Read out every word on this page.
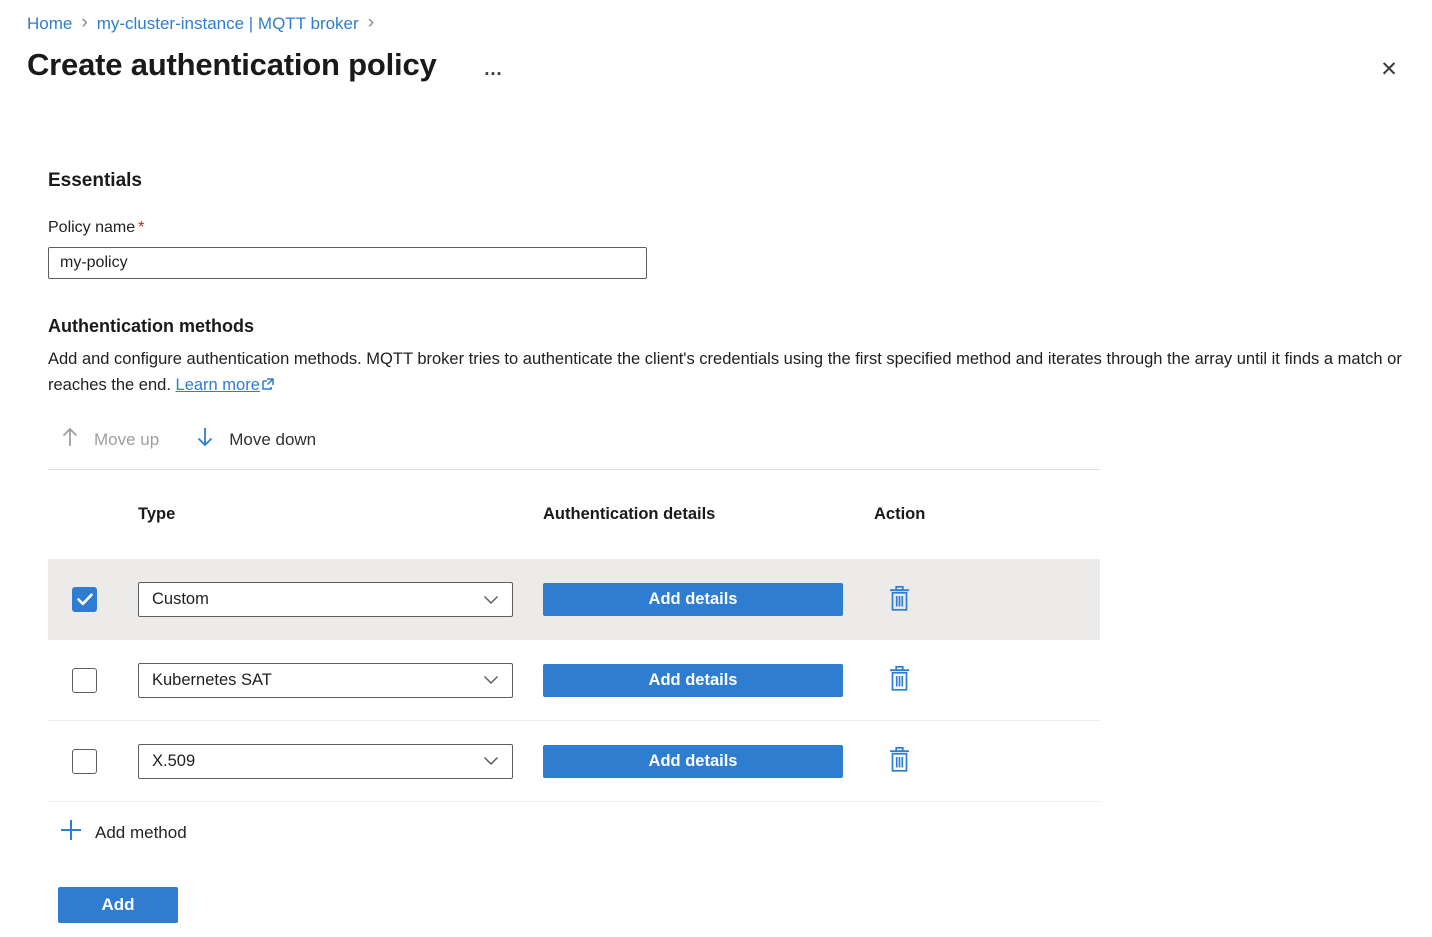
Home › my-cluster-instance | MQTT broker ›
Create authentication policy …	✕
Essentials
Policy name *
my-policy
Authentication methods
Add and configure authentication methods. MQTT broker tries to authenticate the client's credentials using the first specified method and iterates through the array until it finds a match or reaches the end. Learn more
Move up	Move down
Type	Authentication details	Action
Custom	Add details
Kubernetes SAT	Add details
X.509	Add details
Add method
Add
